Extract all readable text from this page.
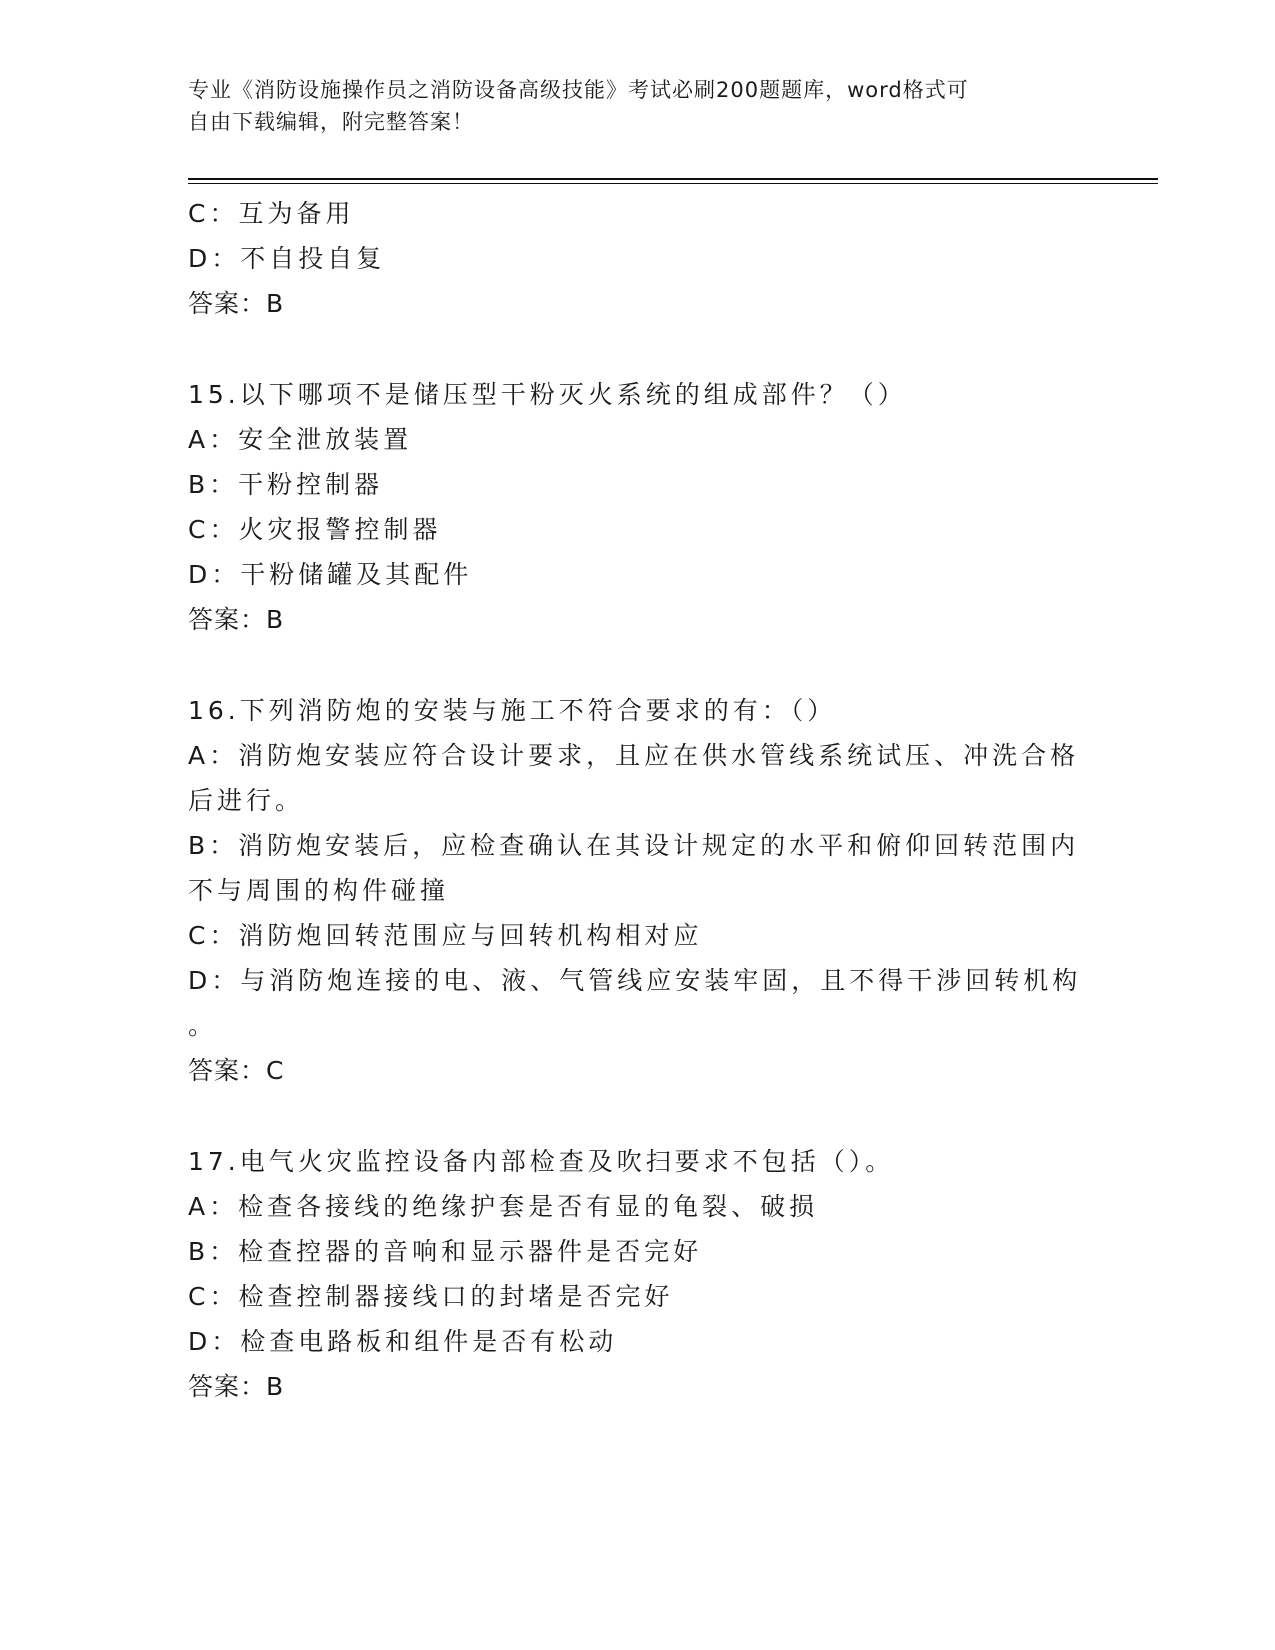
专业《消防设施操作员之消防设备高级技能》考试必刷200题题库，word格式可
自由下载编辑，附完整答案！
C：互为备用
D：不自投自复
答案：B
15.以下哪项不是储压型干粉灭火系统的组成部件？（）
A：安全泄放装置
B：干粉控制器
C：火灾报警控制器
D：干粉储罐及其配件
答案：B
16.下列消防炮的安装与施工不符合要求的有：（）
A：消防炮安装应符合设计要求，且应在供水管线系统试压、冲洗合格
后进行。
B：消防炮安装后，应检查确认在其设计规定的水平和俯仰回转范围内
不与周围的构件碰撞
C：消防炮回转范围应与回转机构相对应
D：与消防炮连接的电、液、气管线应安装牢固，且不得干涉回转机构
。
答案：C
17.电气火灾监控设备内部检查及吹扫要求不包括（）。
A：检查各接线的绝缘护套是否有显的龟裂、破损
B：检查控器的音响和显示器件是否完好
C：检查控制器接线口的封堵是否完好
D：检查电路板和组件是否有松动
答案：B
